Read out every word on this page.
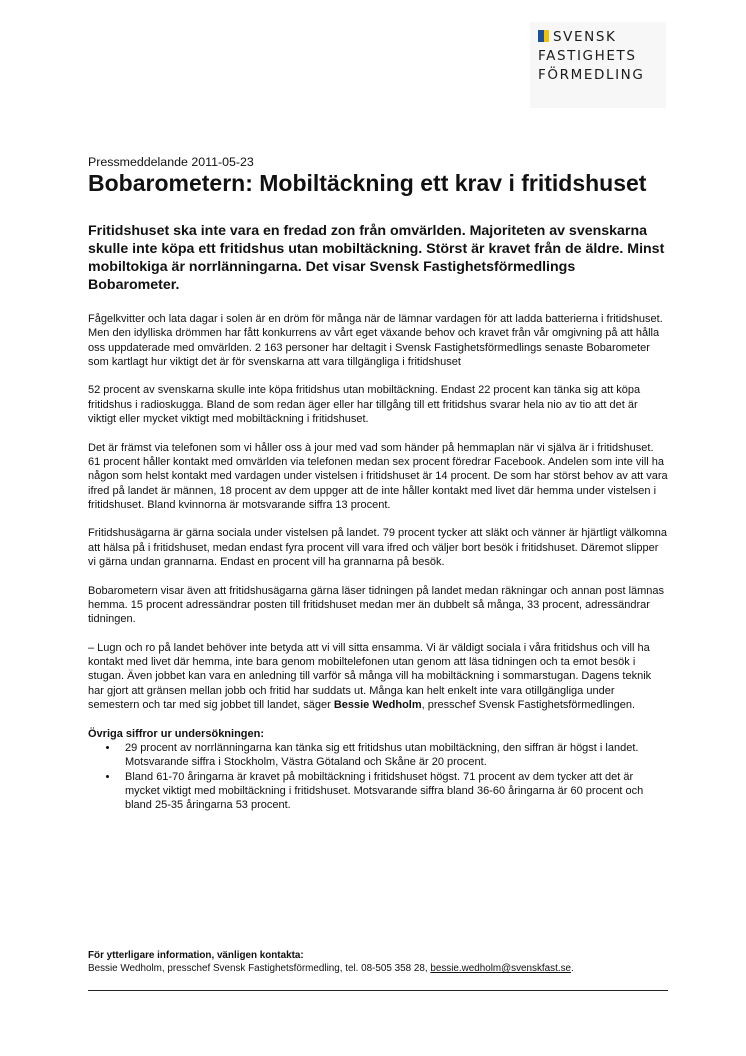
SVENSK
FASTIGHETS
FÖRMEDLING
Pressmeddelande 2011-05-23
Bobarometern: Mobiltäckning ett krav i fritidshuset
Fritidshuset ska inte vara en fredad zon från omvärlden. Majoriteten av svenskarna skulle inte köpa ett fritidshus utan mobiltäckning. Störst är kravet från de äldre. Minst mobiltokiga är norrlänningarna. Det visar Svensk Fastighetsförmedlings Bobarometer.

Fågelkvitter och lata dagar i solen är en dröm för många när de lämnar vardagen för att ladda batterierna i fritidshuset. Men den idylliska drömmen har fått konkurrens av vårt eget växande behov och kravet från vår omgivning på att hålla oss uppdaterade med omvärlden. 2 163 personer har deltagit i Svensk Fastighetsförmedlings senaste Bobarometer som kartlagt hur viktigt det är för svenskarna att vara tillgängliga i fritidshuset

52 procent av svenskarna skulle inte köpa fritidshus utan mobiltäckning. Endast 22 procent kan tänka sig att köpa fritidshus i radioskugga. Bland de som redan äger eller har tillgång till ett fritidshus svarar hela nio av tio att det är viktigt eller mycket viktigt med mobiltäckning i fritidshuset.

Det är främst via telefonen som vi håller oss à jour med vad som händer på hemmaplan när vi själva är i fritidshuset. 61 procent håller kontakt med omvärlden via telefonen medan sex procent föredrar Facebook. Andelen som inte vill ha någon som helst kontakt med vardagen under vistelsen i fritidshuset är 14 procent. De som har störst behov av att vara ifred på landet är männen, 18 procent av dem uppger att de inte håller kontakt med livet där hemma under vistelsen i fritidshuset. Bland kvinnorna är motsvarande siffra 13 procent.

Fritidshusägarna är gärna sociala under vistelsen på landet. 79 procent tycker att släkt och vänner är hjärtligt välkomna att hälsa på i fritidshuset, medan endast fyra procent vill vara ifred och väljer bort besök i fritidshuset. Däremot slipper vi gärna undan grannarna. Endast en procent vill ha grannarna på besök.

Bobarometern visar även att fritidshusägarna gärna läser tidningen på landet medan räkningar och annan post lämnas hemma. 15 procent adressändrar posten till fritidshuset medan mer än dubbelt så många, 33 procent, adressändrar tidningen.

– Lugn och ro på landet behöver inte betyda att vi vill sitta ensamma. Vi är väldigt sociala i våra fritidshus och vill ha kontakt med livet där hemma, inte bara genom mobiltelefonen utan genom att läsa tidningen och ta emot besök i stugan. Även jobbet kan vara en anledning till varför så många vill ha mobiltäckning i sommarstugan. Dagens teknik har gjort att gränsen mellan jobb och fritid har suddats ut. Många kan helt enkelt inte vara otillgängliga under semestern och tar med sig jobbet till landet, säger Bessie Wedholm, presschef Svensk Fastighetsförmedlingen.

Övriga siffror ur undersökningen:
• 29 procent av norrlänningarna kan tänka sig ett fritidshus utan mobiltäckning, den siffran är högst i landet. Motsvarande siffra i Stockholm, Västra Götaland och Skåne är 20 procent.
• Bland 61-70 åringarna är kravet på mobiltäckning i fritidshuset högst. 71 procent av dem tycker att det är mycket viktigt med mobiltäckning i fritidshuset. Motsvarande siffra bland 36-60 åringarna är 60 procent och bland 25-35 åringarna 53 procent.
För ytterligare information, vänligen kontakta:
Bessie Wedholm, presschef Svensk Fastighetsförmedling, tel. 08-505 358 28, bessie.wedholm@svenskfast.se.
